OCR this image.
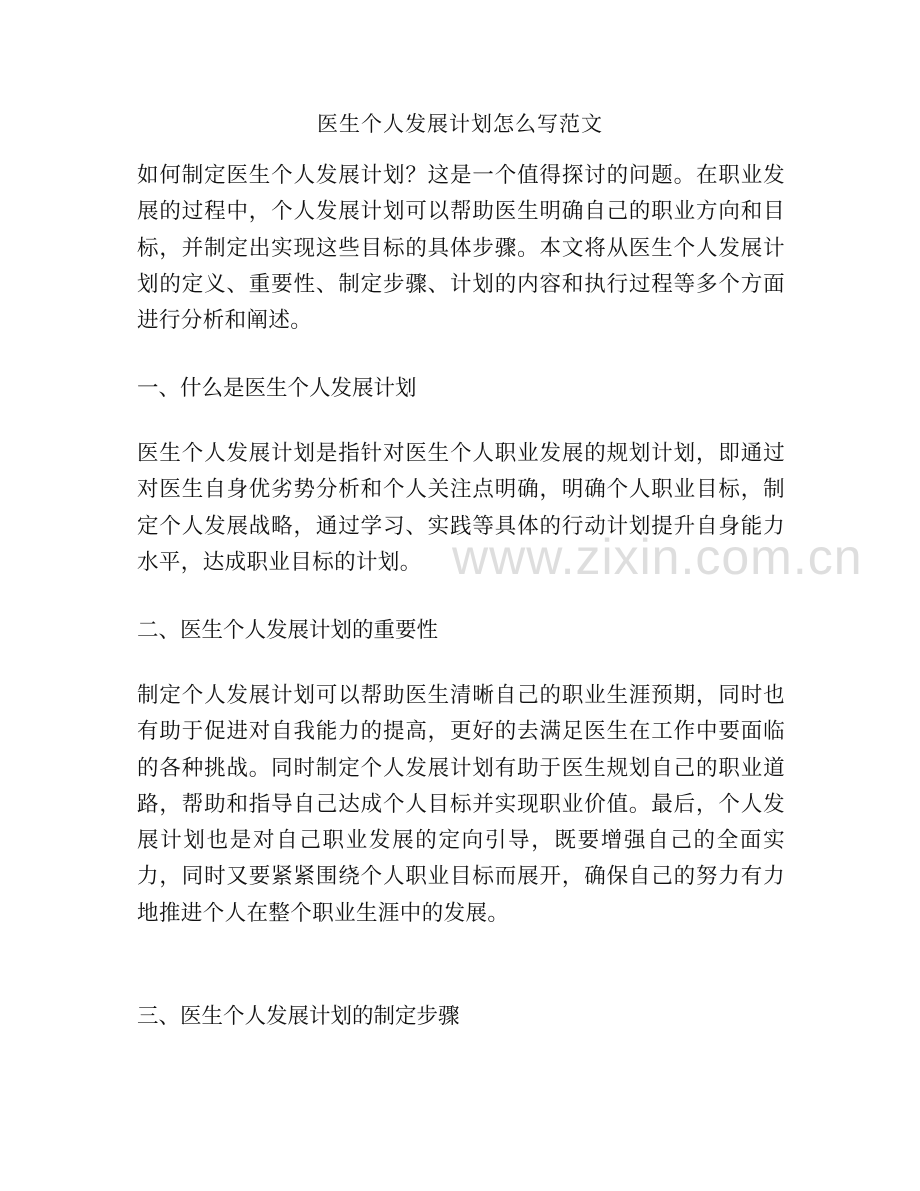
医生个人发展计划怎么写范文

如何制定医生个人发展计划？这是一个值得探讨的问题。在职业发展的过程中，个人发展计划可以帮助医生明确自己的职业方向和目标，并制定出实现这些目标的具体步骤。本文将从医生个人发展计划的定义、重要性、制定步骤、计划的内容和执行过程等多个方面进行分析和阐述。

一、什么是医生个人发展计划

医生个人发展计划是指针对医生个人职业发展的规划计划，即通过对医生自身优劣势分析和个人关注点明确，明确个人职业目标，制定个人发展战略，通过学习、实践等具体的行动计划提升自身能力水平，达成职业目标的计划。 www.zixin.com.cn
二、医生个人发展计划的重要性

制定个人发展计划可以帮助医生清晰自己的职业生涯预期，同时也有助于促进对自我能力的提高，更好的去满足医生在工作中要面临的各种挑战。同时制定个人发展计划有助于医生规划自己的职业道路，帮助和指导自己达成个人目标并实现职业价值。最后，个人发展计划也是对自己职业发展的定向引导，既要增强自己的全面实力，同时又要紧紧围绕个人职业目标而展开，确保自己的努力有力地推进个人在整个职业生涯中的发展。

三、医生个人发展计划的制定步骤
